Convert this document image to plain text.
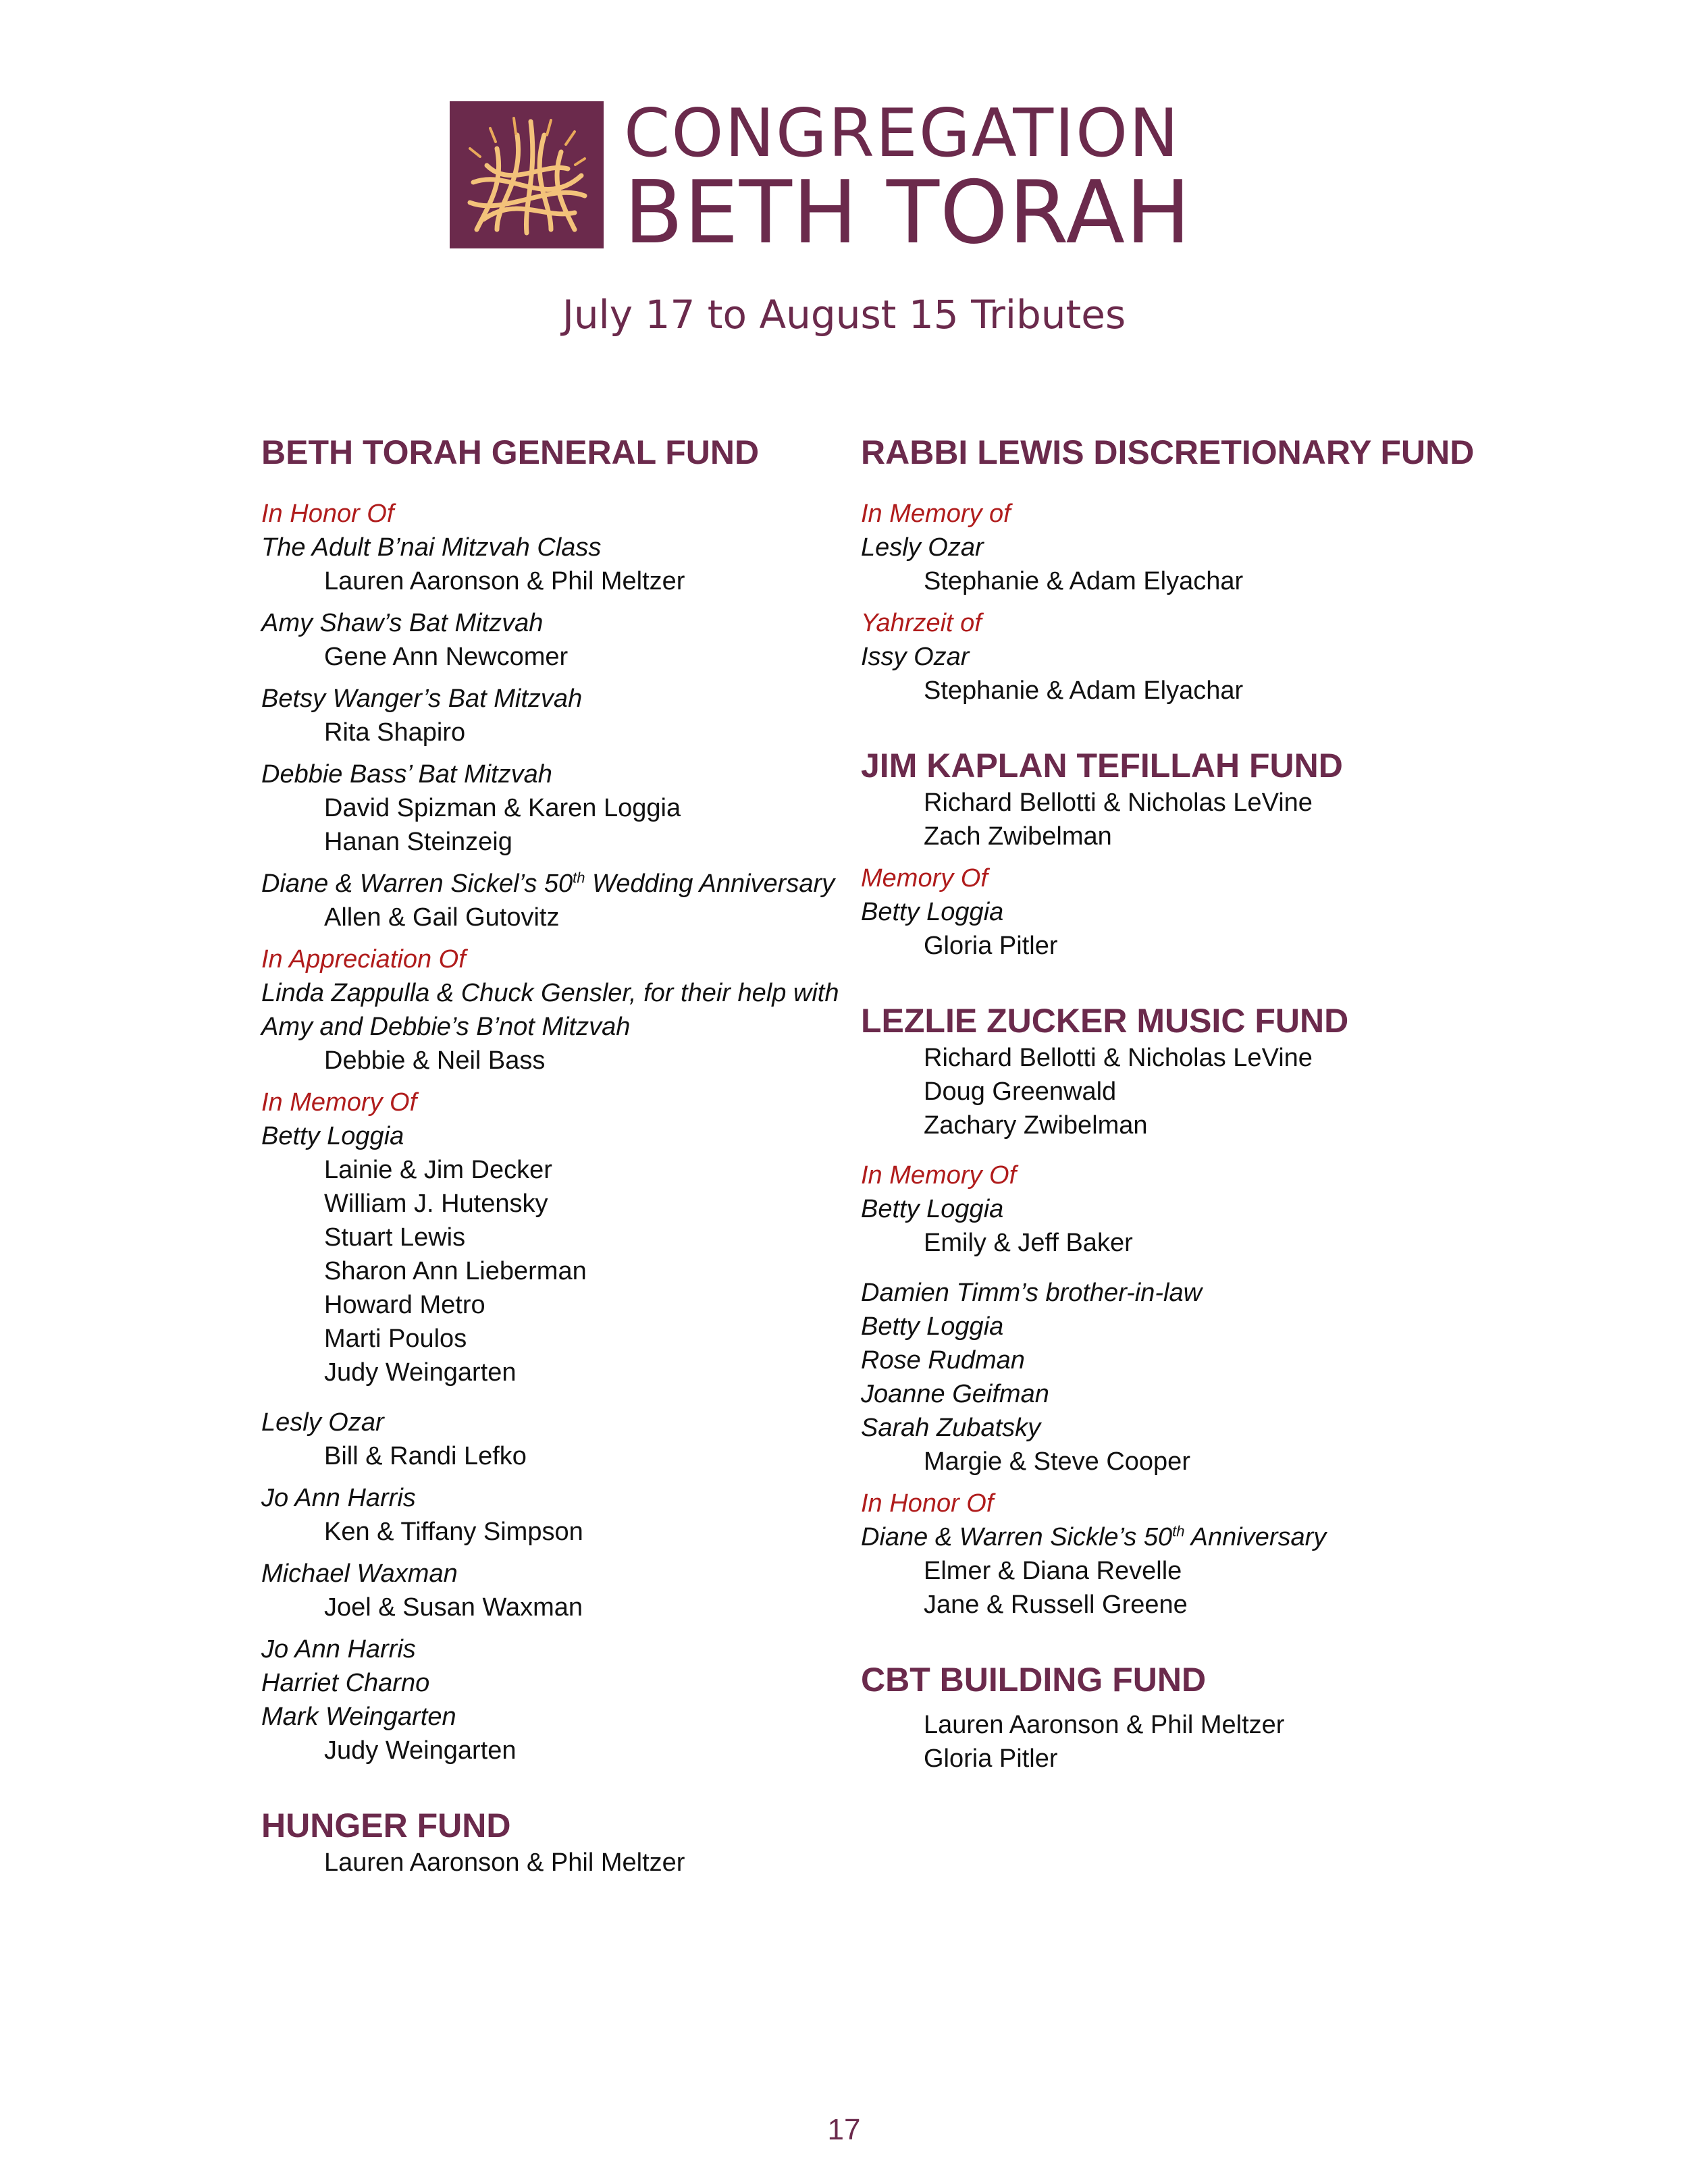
CONGREGATION
BETH TORAH
July 17 to August 15 Tributes
BETH TORAH GENERAL FUND
In Honor Of
The Adult B’nai Mitzvah Class
Lauren Aaronson & Phil Meltzer
Amy Shaw’s Bat Mitzvah
Gene Ann Newcomer
Betsy Wanger’s Bat Mitzvah
Rita Shapiro
Debbie Bass’ Bat Mitzvah
David Spizman & Karen Loggia
Hanan Steinzeig
Diane & Warren Sickel’s 50th Wedding Anniversary
Allen & Gail Gutovitz
In Appreciation Of
Linda Zappulla & Chuck Gensler, for their help with
Amy and Debbie’s B’not Mitzvah
Debbie & Neil Bass
In Memory Of
Betty Loggia
Lainie & Jim Decker
William J. Hutensky
Stuart Lewis
Sharon Ann Lieberman
Howard Metro
Marti Poulos
Judy Weingarten
Lesly Ozar
Bill & Randi Lefko
Jo Ann Harris
Ken & Tiffany Simpson
Michael Waxman
Joel & Susan Waxman
Jo Ann Harris
Harriet Charno
Mark Weingarten
Judy Weingarten
HUNGER FUND
Lauren Aaronson & Phil Meltzer
RABBI LEWIS DISCRETIONARY FUND
In Memory of
Lesly Ozar
Stephanie & Adam Elyachar
Yahrzeit of
Issy Ozar
Stephanie & Adam Elyachar
JIM KAPLAN TEFILLAH FUND
Richard Bellotti & Nicholas LeVine
Zach Zwibelman
Memory Of
Betty Loggia
Gloria Pitler
LEZLIE ZUCKER MUSIC FUND
Richard Bellotti & Nicholas LeVine
Doug Greenwald
Zachary Zwibelman
In Memory Of
Betty Loggia
Emily & Jeff Baker
Damien Timm’s brother-in-law
Betty Loggia
Rose Rudman
Joanne Geifman
Sarah Zubatsky
Margie & Steve Cooper
In Honor Of
Diane & Warren Sickle’s 50th Anniversary
Elmer & Diana Revelle
Jane & Russell Greene
CBT BUILDING FUND
Lauren Aaronson & Phil Meltzer
Gloria Pitler
17
